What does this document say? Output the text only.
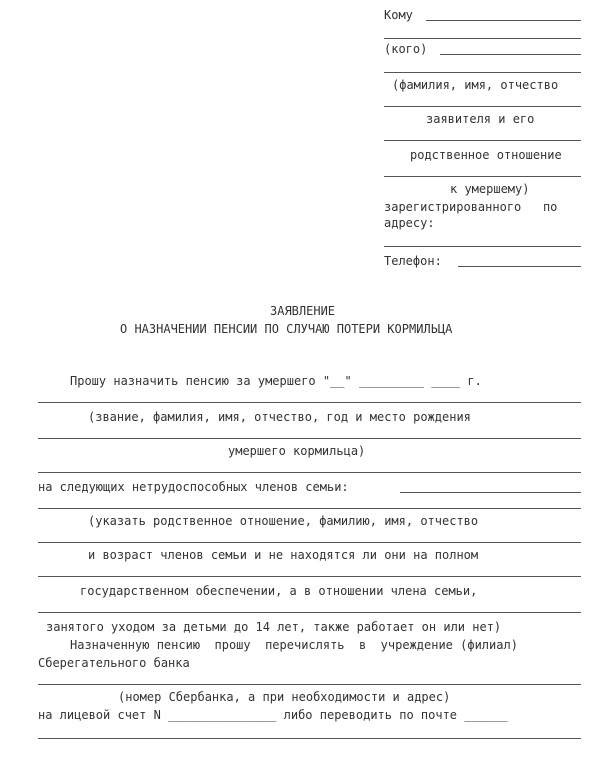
Кому
(кого)
(фамилия, имя, отчество
заявителя и его
родственное отношение
к умершему)
зарегистрированного   по
адресу:
Телефон:
ЗАЯВЛЕНИЕ
О НАЗНАЧЕНИИ ПЕНСИИ ПО СЛУЧАЮ ПОТЕРИ КОРМИЛЬЦА
Прошу назначить пенсию за умершего "__" _________ ____ г.
(звание, фамилия, имя, отчество, год и место рождения
умершего кормильца)
на следующих нетрудоспособных членов семьи:
(указать родственное отношение, фамилию, имя, отчество
и возраст членов семьи и не находятся ли они на полном
государственном обеспечении, а в отношении члена семьи,
занятого уходом за детьми до 14 лет, также работает он или нет)
Назначенную пенсию  прошу  перечислять  в  учреждение (филиал)
Сберегательного банка
(номер Сбербанка, а при необходимости и адрес)
на лицевой счет N _______________ либо переводить по почте ______
